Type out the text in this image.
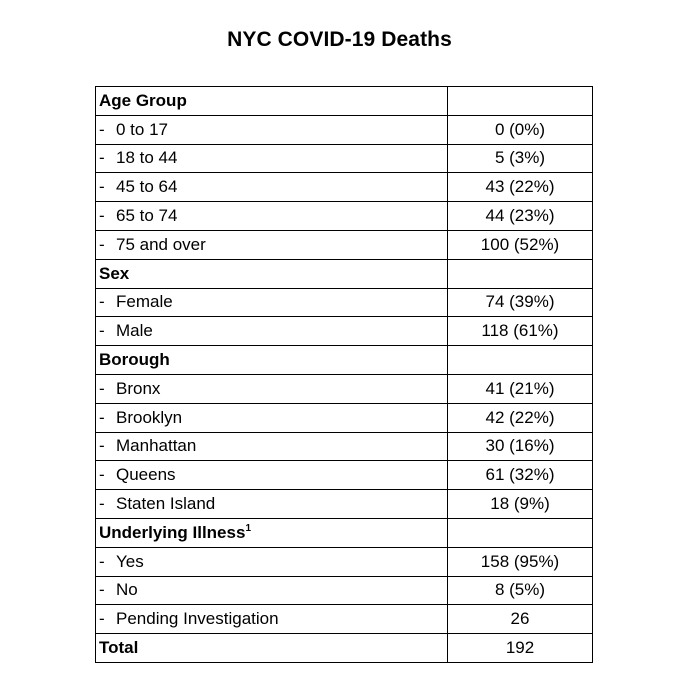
NYC COVID-19 Deaths
Age Group	
- 0 to 17	0 (0%)
- 18 to 44	5 (3%)
- 45 to 64	43 (22%)
- 65 to 74	44 (23%)
- 75 and over	100 (52%)
Sex	
- Female	74 (39%)
- Male	118 (61%)
Borough	
- Bronx	41 (21%)
- Brooklyn	42 (22%)
- Manhattan	30 (16%)
- Queens	61 (32%)
- Staten Island	18 (9%)
Underlying Illness$^1$	
- Yes	158 (95%)
- No	8 (5%)
- Pending Investigation	26
Total	192
